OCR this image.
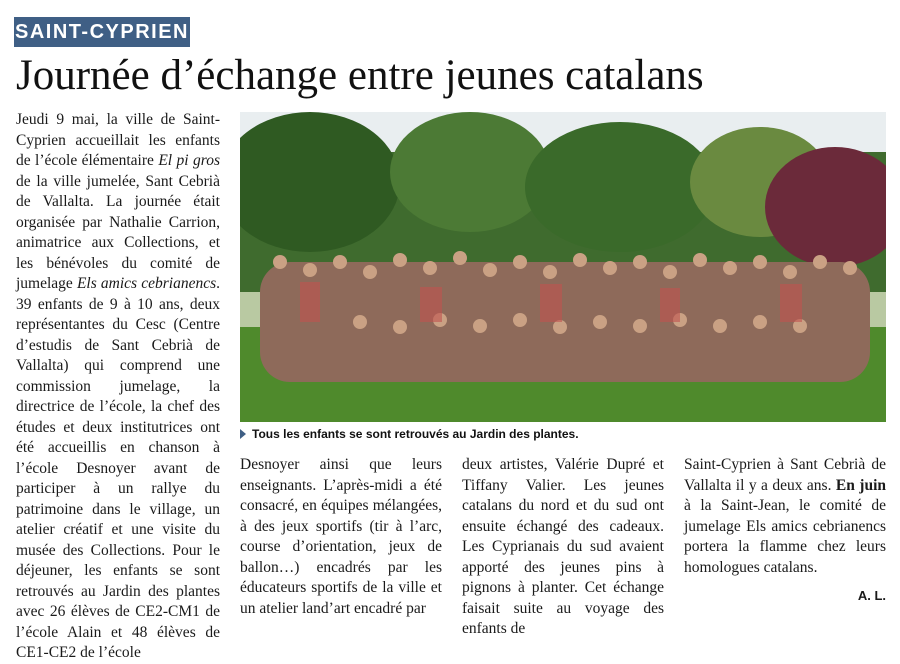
SAINT-CYPRIEN
Journée d’échange entre jeunes catalans

Jeudi 9 mai, la ville de Saint-Cyprien accueillait les enfants de l’école élémentaire El pi gros de la ville jumelée, Sant Cebrià de Vallalta. La journée était organisée par Nathalie Carrion, animatrice aux Collections, et les bénévoles du comité de jumelage Els amics cebrianencs. 39 enfants de 9 à 10 ans, deux représentantes du Cesc (Centre d’estudis de Sant Cebrià de Vallalta) qui comprend une commission jumelage, la directrice de l’école, la chef des études et deux institutrices ont été accueillis en chanson à l’école Desnoyer avant de participer à un rallye du patrimoine dans le village, un atelier créatif et une visite du musée des Collections. Pour le déjeuner, les enfants se sont retrouvés au Jardin des plantes avec 26 élèves de CE2-CM1 de l’école Alain et 48 élèves de CE1-CE2 de l’école

Tous les enfants se sont retrouvés au Jardin des plantes.

Desnoyer ainsi que leurs enseignants. L’après-midi a été consacré, en équipes mélangées, à des jeux sportifs (tir à l’arc, course d’orientation, jeux de ballon…) encadrés par les éducateurs sportifs de la ville et un atelier land’art encadré par

deux artistes, Valérie Dupré et Tiffany Valier. Les jeunes catalans du nord et du sud ont ensuite échangé des cadeaux. Les Cyprianais du sud avaient apporté des jeunes pins à pignons à planter. Cet échange faisait suite au voyage des enfants de

Saint-Cyprien à Sant Cebrià de Vallalta il y a deux ans. En juin à la Saint-Jean, le comité de jumelage Els amics cebrianencs portera la flamme chez leurs homologues catalans.

A. L.
